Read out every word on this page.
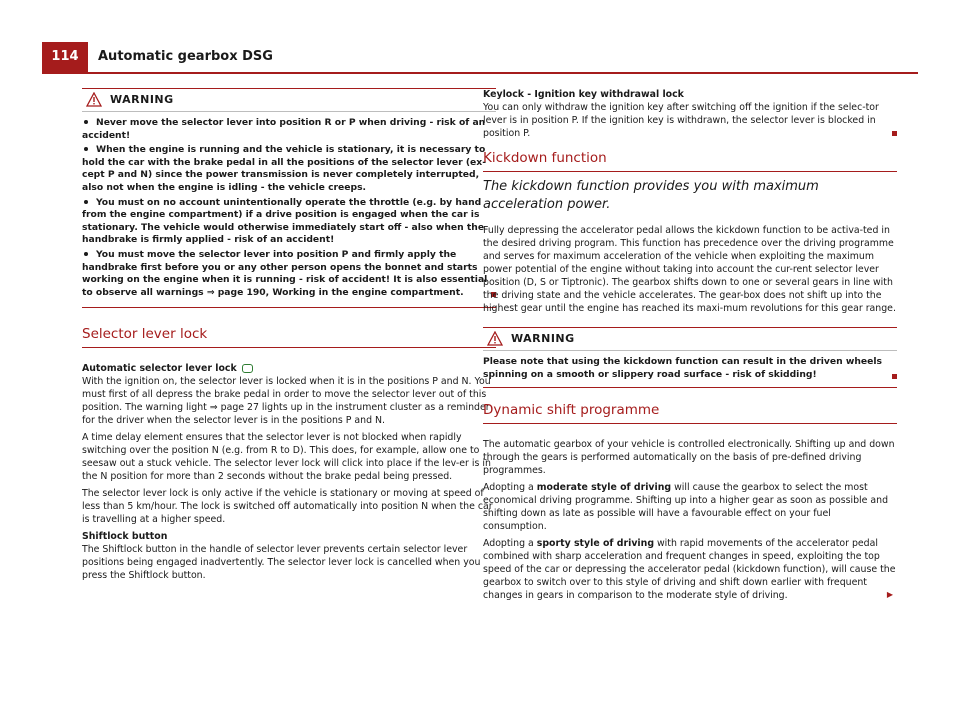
114	Automatic gearbox DSG
WARNING

Never move the selector lever into position R or P when driving - risk of an accident!

When the engine is running and the vehicle is stationary, it is necessary to hold the car with the brake pedal in all the positions of the selector lever (ex-cept P and N) since the power transmission is never completely interrupted, also not when the engine is idling - the vehicle creeps.

You must on no account unintentionally operate the throttle (e.g. by hand from the engine compartment) if a drive position is engaged when the car is stationary. The vehicle would otherwise immediately start off - also when the handbrake is firmly applied - risk of an accident!

You must move the selector lever into position P and firmly apply the handbrake first before you or any other person opens the bonnet and starts working on the engine when it is running - risk of accident! It is also essential to observe all warnings ⇒ page 190, Working in the engine compartment.

Selector lever lock

Automatic selector lever lock

With the ignition on, the selector lever is locked when it is in the positions P and N. You must first of all depress the brake pedal in order to move the selector lever out of this position. The warning light ⇒ page 27 lights up in the instrument cluster as a reminder for the driver when the selector lever is in the positions P and N.

A time delay element ensures that the selector lever is not blocked when rapidly switching over the position N (e.g. from R to D). This does, for example, allow one to seesaw out a stuck vehicle. The selector lever lock will click into place if the lev-er is in the N position for more than 2 seconds without the brake pedal being pressed.

The selector lever lock is only active if the vehicle is stationary or moving at speed of less than 5 km/hour. The lock is switched off automatically into position N when the car is travelling at a higher speed.

Shiftlock button

The Shiftlock button in the handle of selector lever prevents certain selector lever positions being engaged inadvertently. The selector lever lock is cancelled when you press the Shiftlock button.

Keylock - Ignition key withdrawal lock

You can only withdraw the ignition key after switching off the ignition if the selec-tor lever is in position P. If the ignition key is withdrawn, the selector lever is blocked in position P.

Kickdown function
The kickdown function provides you with maximum acceleration power.

Fully depressing the accelerator pedal allows the kickdown function to be activa-ted in the desired driving program. This function has precedence over the driving programme and serves for maximum acceleration of the vehicle when exploiting the maximum power potential of the engine without taking into account the cur-rent selector lever position (D, S or Tiptronic). The gearbox shifts down to one or several gears in line with the driving state and the vehicle accelerates. The gear-box does not shift up into the highest gear until the engine has reached its maxi-mum revolutions for this gear range.

WARNING
Please note that using the kickdown function can result in the driven wheels spinning on a smooth or slippery road surface - risk of skidding!
Dynamic shift programme

The automatic gearbox of your vehicle is controlled electronically. Shifting up and down through the gears is performed automatically on the basis of pre-defined driving programmes.

Adopting a moderate style of driving will cause the gearbox to select the most economical driving programme. Shifting up into a higher gear as soon as possible and shifting down as late as possible will have a favourable effect on your fuel consumption.

Adopting a sporty style of driving with rapid movements of the accelerator pedal combined with sharp acceleration and frequent changes in speed, exploiting the top speed of the car or depressing the accelerator pedal (kickdown function), will cause the gearbox to switch over to this style of driving and shift down earlier with frequent changes in gears in comparison to the moderate style of driving.	▶
